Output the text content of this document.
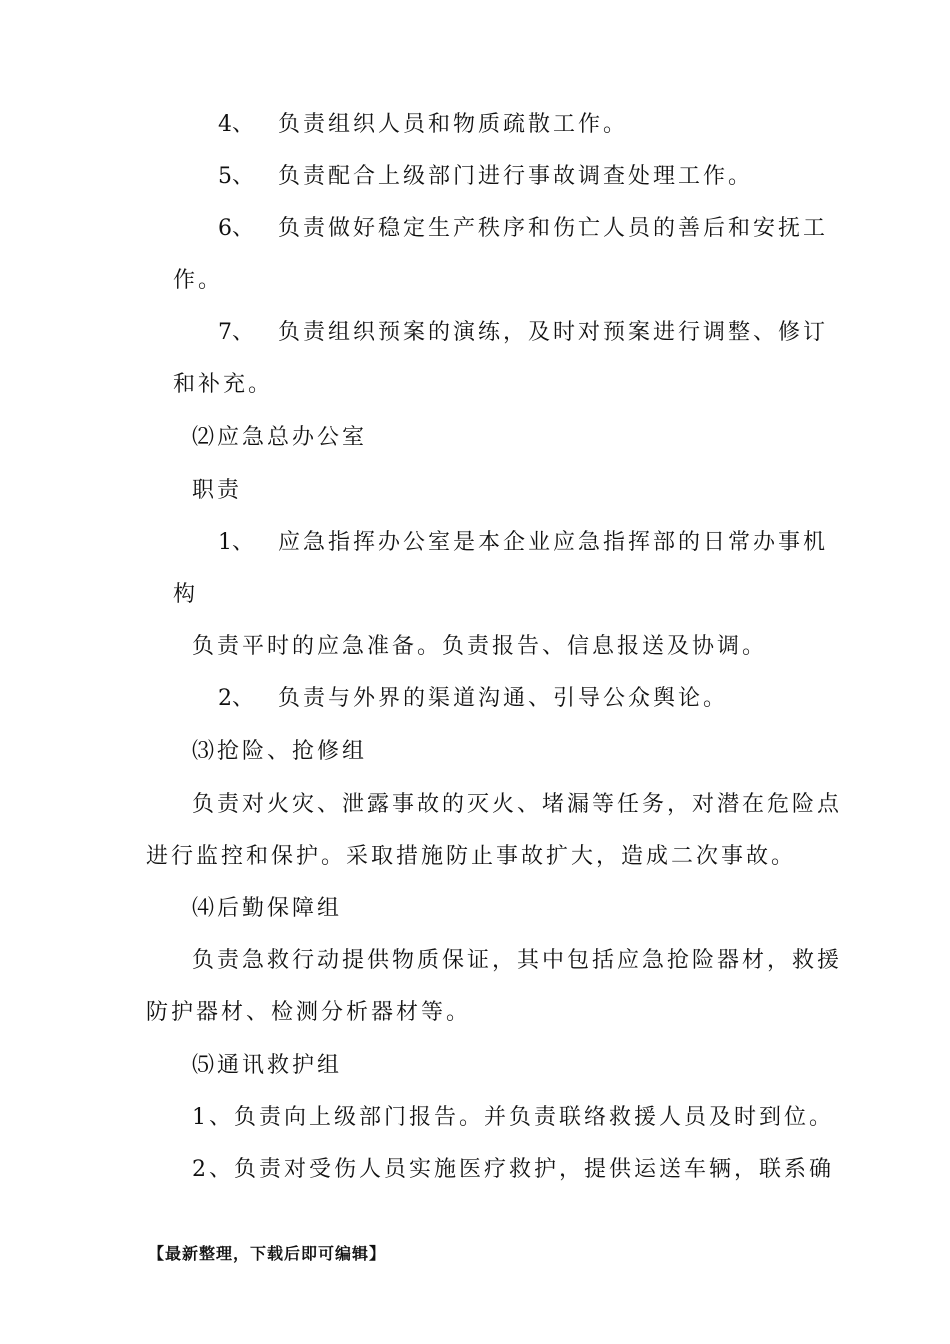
4、 负责组织人员和物质疏散工作。
5、 负责配合上级部门进行事故调查处理工作。
6、 负责做好稳定生产秩序和伤亡人员的善后和安抚工
作。
7、 负责组织预案的演练，及时对预案进行调整、修订
和补充。
⑵应急总办公室
职责
1、 应急指挥办公室是本企业应急指挥部的日常办事机
构
负责平时的应急准备。负责报告、信息报送及协调。
2、 负责与外界的渠道沟通、引导公众舆论。
⑶抢险、抢修组
负责对火灾、泄露事故的灭火、堵漏等任务，对潜在危险点
进行监控和保护。采取措施防止事故扩大，造成二次事故。
⑷后勤保障组
负责急救行动提供物质保证，其中包括应急抢险器材，救援
防护器材、检测分析器材等。
⑸通讯救护组
1、负责向上级部门报告。并负责联络救援人员及时到位。
2、负责对受伤人员实施医疗救护，提供运送车辆，联系确
【最新整理，下载后即可编辑】
